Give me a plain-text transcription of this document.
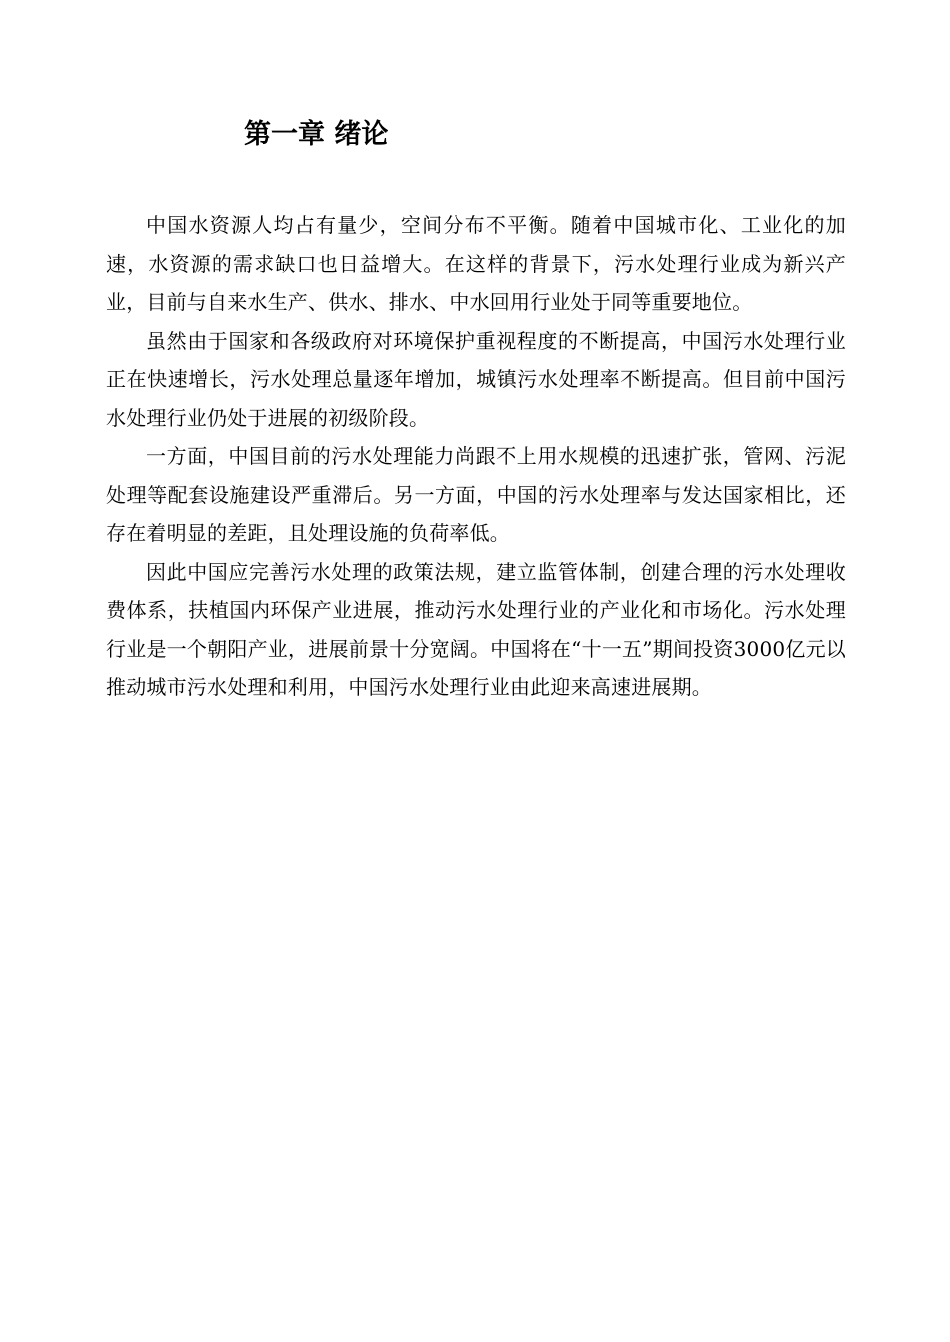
第一章 绪论

中国水资源人均占有量少，空间分布不平衡。随着中国城市化、工业化的加速，水资源的需求缺口也日益增大。在这样的背景下，污水处理行业成为新兴产业，目前与自来水生产、供水、排水、中水回用行业处于同等重要地位。

虽然由于国家和各级政府对环境保护重视程度的不断提高，中国污水处理行业正在快速增长，污水处理总量逐年增加，城镇污水处理率不断提高。但目前中国污水处理行业仍处于进展的初级阶段。

一方面，中国目前的污水处理能力尚跟不上用水规模的迅速扩张，管网、污泥处理等配套设施建设严重滞后。另一方面，中国的污水处理率与发达国家相比，还存在着明显的差距，且处理设施的负荷率低。

因此中国应完善污水处理的政策法规，建立监管体制，创建合理的污水处理收费体系，扶植国内环保产业进展，推动污水处理行业的产业化和市场化。污水处理行业是一个朝阳产业，进展前景十分宽阔。中国将在“十一五”期间投资3000亿元以推动城市污水处理和利用，中国污水处理行业由此迎来高速进展期。
